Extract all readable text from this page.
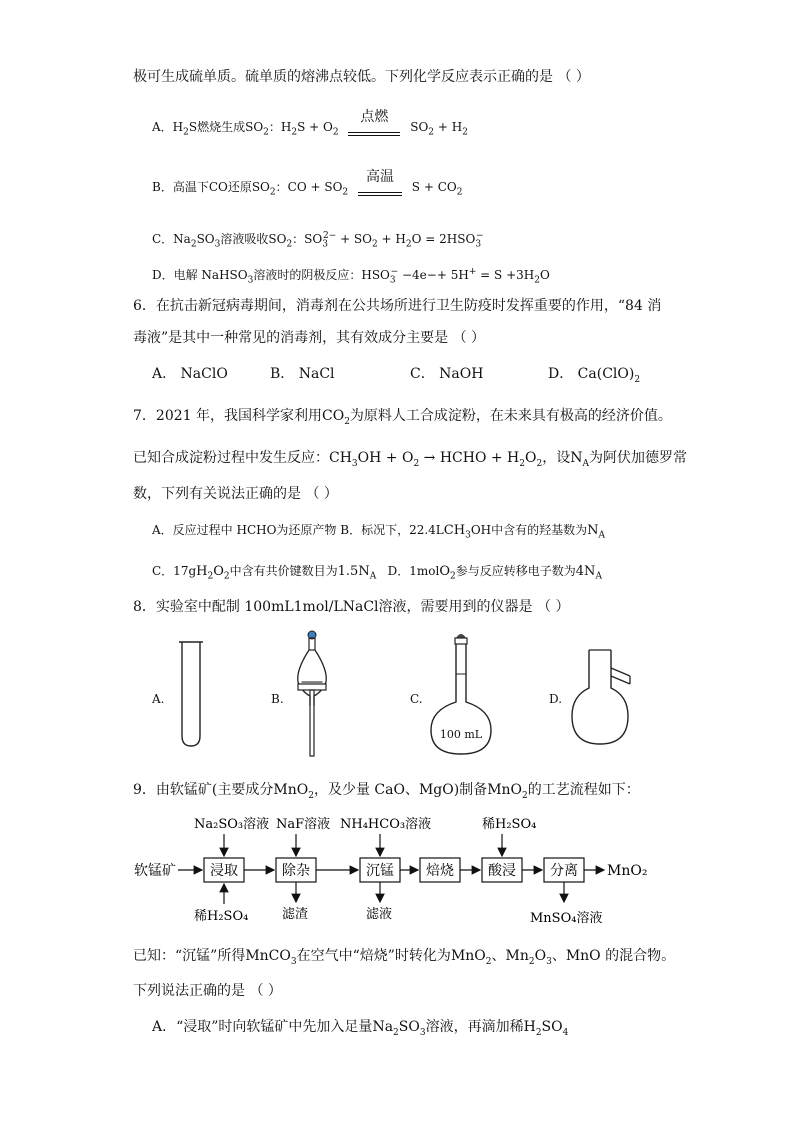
极可生成硫单质。硫单质的熔沸点较低。下列化学反应表示正确的是 （ ）
A．$H_2S$燃烧生成$SO_2$：$H_2S + O_2$
点燃
$SO_2 + H_2$
B．高温下CO还原$SO_2$：CO + $SO_2$
高温
$S + CO_2$
C．$Na_2SO_3$溶液吸收$SO_2$：$SO_3^{2-} + SO_2 + H_2O = 2HSO_3^-$
D．电解 NaHSO$_3$溶液时的阴极反应：$HSO_3^- -4e-+ 5H^+ = S +3H_2O$
6．在抗击新冠病毒期间，消毒剂在公共场所进行卫生防疫时发挥重要的作用，“84 消
毒液”是其中一种常见的消毒剂，其有效成分主要是 （ ）
A． NaClO	B． NaCl	C． NaOH	D． $Ca(ClO)_2$
7．2021 年，我国科学家利用$CO_2$为原料人工合成淀粉，在未来具有极高的经济价值。
已知合成淀粉过程中发生反应：$CH_3OH + O_2$ → HCHO + $H_2O_2$，设$N_A$为阿伏加德罗常
数，下列有关说法正确的是 （ ）
A．反应过程中 HCHO为还原产物 B．标况下，$22.4LCH_3OH$中含有的羟基数为$N_A$
C．$17gH_2O_2$中含有共价键数目为$1.5N_A$ D．1molO$_2$参与反应转移电子数为$4N_A$
8．实验室中配制 100mL1mol/LNaCl溶液，需要用到的仪器是 （ ）
A.	B.	C.	D.
100 mL
9．由软锰矿(主要成分MnO$_2$，及少量 CaO、MgO)制备MnO$_2$的工艺流程如下：
软锰矿 浸取	除杂	沉锰 焙烧 酸浸 分离 MnO₂
Na₂SO₃溶液 NaF溶液 NH₄HCO₃溶液	稀H₂SO₄
稀H₂SO₄	滤渣	滤液	MnSO₄溶液
已知：“沉锰”所得MnCO$_3$在空气中“焙烧”时转化为MnO$_2$、$Mn_2O_3$、MnO 的混合物。
下列说法正确的是 （ ）
A．“浸取”时向软锰矿中先加入足量$Na_2SO_3$溶液，再滴加稀$H_2SO_4$
